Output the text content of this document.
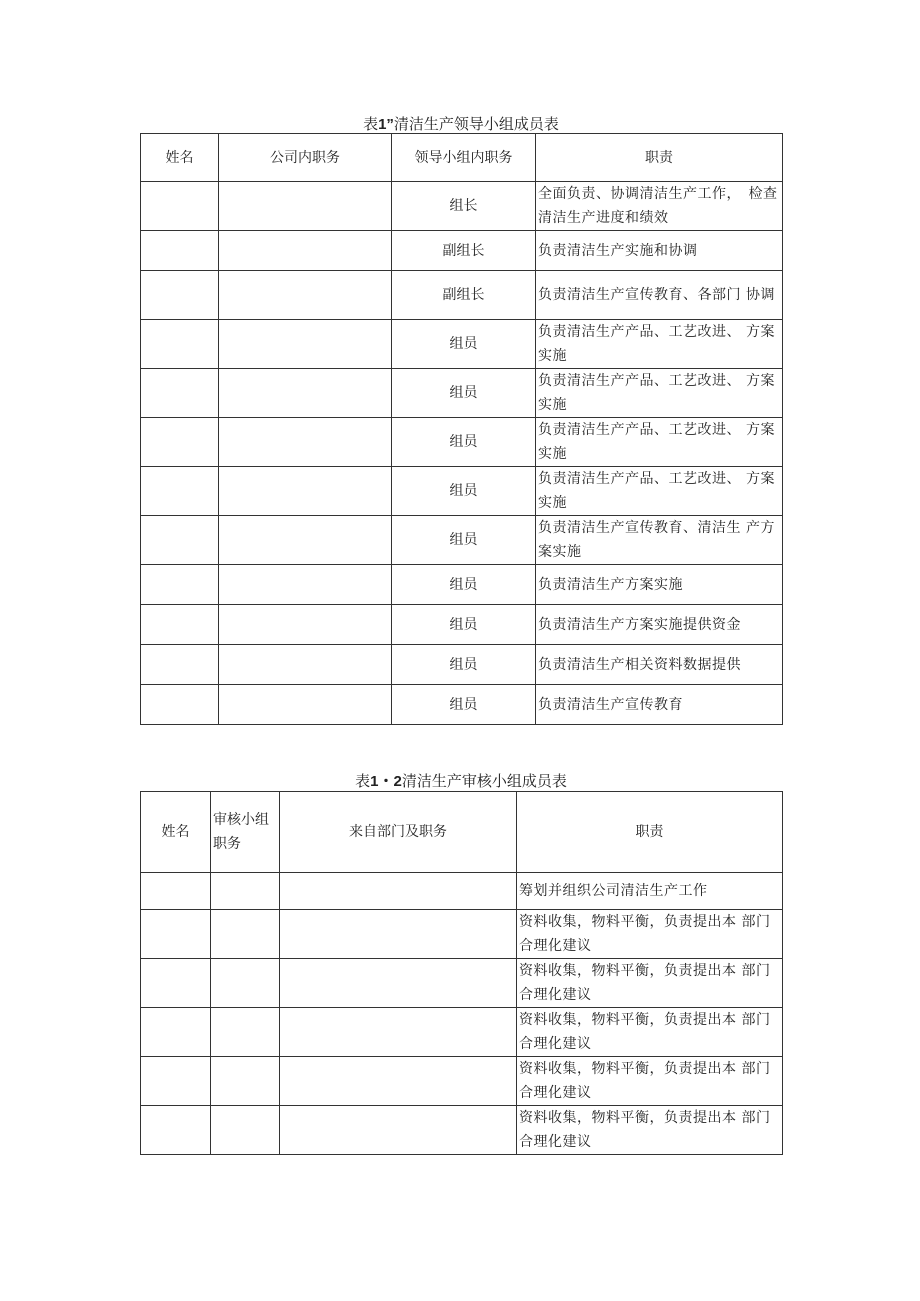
表1”清洁生产领导小组成员表
姓名	公司内职务	领导小组内职务	职责
		组长	全面负责、协调清洁生产工作，　检查清洁生产进度和绩效
		副组长	负责清洁生产实施和协调
		副组长	负责清洁生产宣传教育、各部门 协调
		组员	负责清洁生产产品、工艺改进、 方案实施
		组员	负责清洁生产产品、工艺改进、 方案实施
		组员	负责清洁生产产品、工艺改进、 方案实施
		组员	负责清洁生产产品、工艺改进、 方案实施
		组员	负责清洁生产宣传教育、清洁生 产方案实施
		组员	负责清洁生产方案实施
		组员	负责清洁生产方案实施提供资金
		组员	负责清洁生产相关资料数据提供
		组员	负责清洁生产宣传教育
表1・2清洁生产审核小组成员表
姓名	审核小组职务	来自部门及职务	职责
			筹划并组织公司清洁生产工作
			资料收集，物料平衡，负责提出本 部门合理化建议
			资料收集，物料平衡，负责提出本 部门合理化建议
			资料收集，物料平衡，负责提出本 部门合理化建议
			资料收集，物料平衡，负责提出本 部门合理化建议
			资料收集，物料平衡，负责提出本 部门合理化建议
